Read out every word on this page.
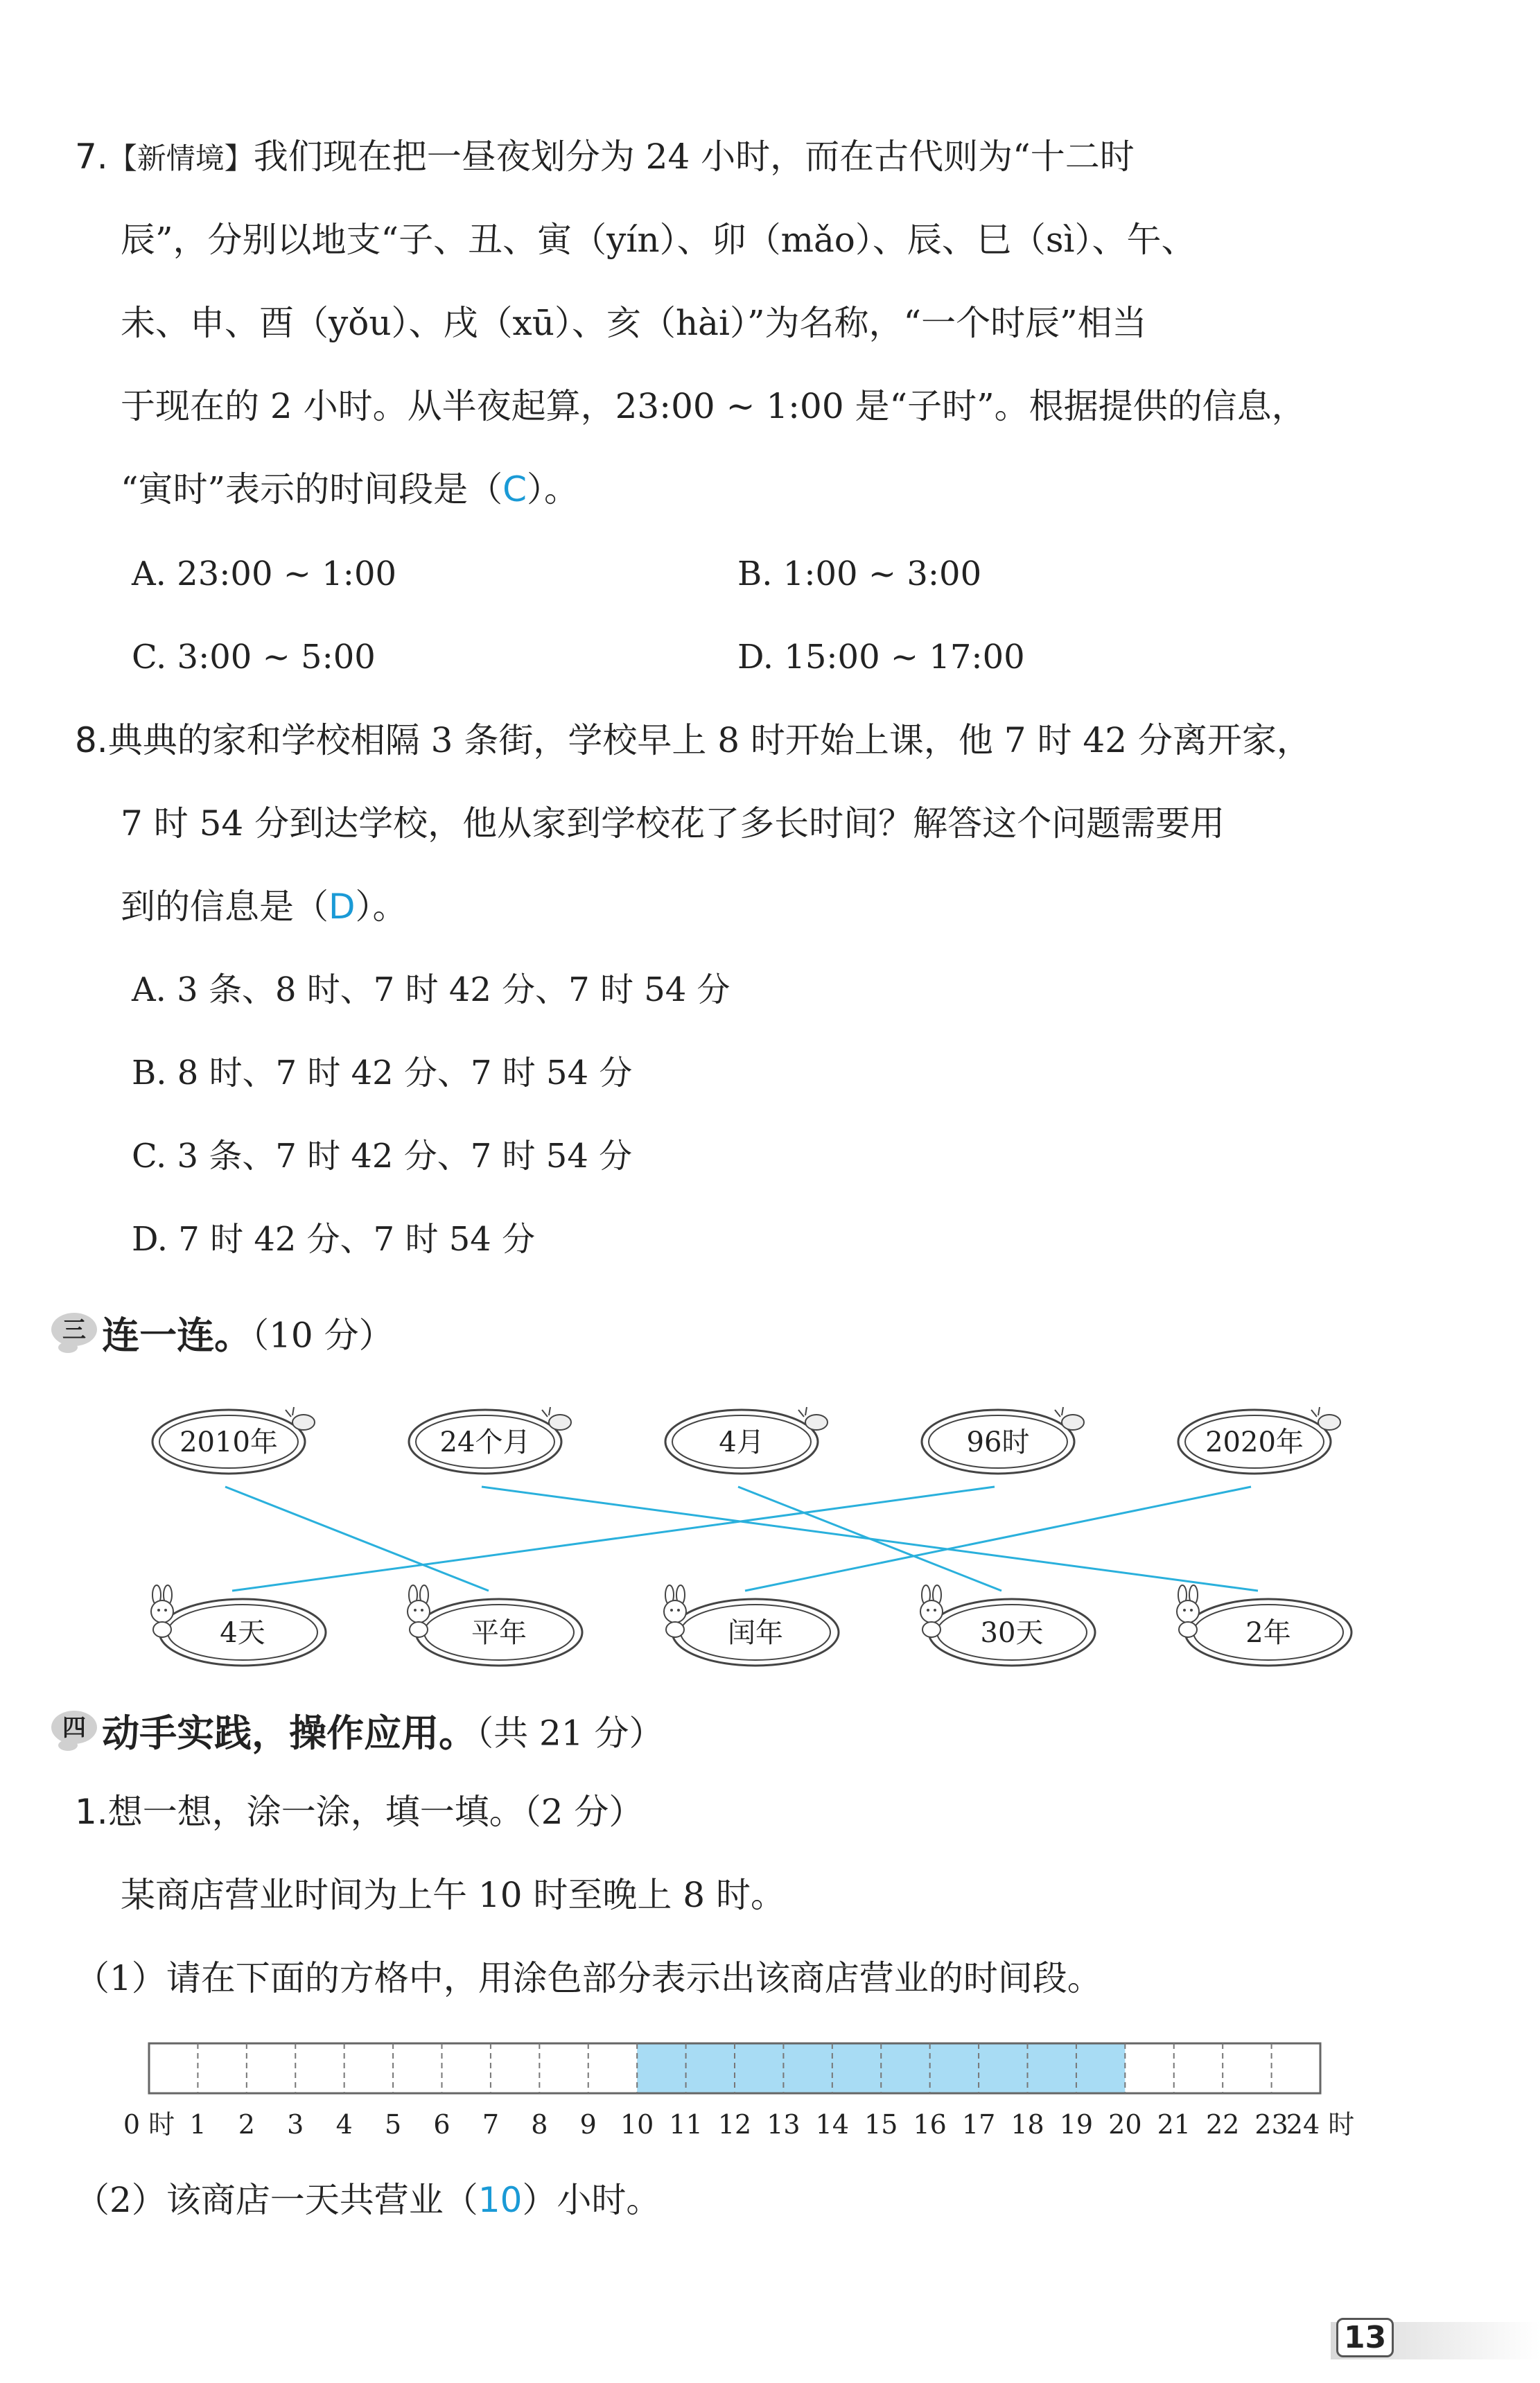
7.【新情境】我们现在把一昼夜划分为 24 小时，而在古代则为“十二时
辰”，分别以地支“子、丑、寅（yín）、卯（mǎo）、辰、巳（sì）、午、
未、申、酉（yǒu）、戌（xū）、亥（hài）”为名称，“一个时辰”相当
于现在的 2 小时。从半夜起算，23:00 ~ 1:00 是“子时”。根据提供的信息，
“寅时”表示的时间段是（C）。
A. 23:00 ~ 1:00	B. 1:00 ~ 3:00
C. 3:00 ~ 5:00	D. 15:00 ~ 17:00
8.典典的家和学校相隔 3 条街，学校早上 8 时开始上课，他 7 时 42 分离开家，
7 时 54 分到达学校，他从家到学校花了多长时间？解答这个问题需要用
到的信息是（D）。
A. 3 条、8 时、7 时 42 分、7 时 54 分
B. 8 时、7 时 42 分、7 时 54 分
C. 3 条、7 时 42 分、7 时 54 分
D. 7 时 42 分、7 时 54 分
三 连一连。（10 分）
2010年	24个月	4月	96时	2020年
4天	平年	闰年	30天	2年
四 动手实践，操作应用。（共 21 分）
1.想一想，涂一涂，填一填。（2 分）
某商店营业时间为上午 10 时至晚上 8 时。
（1）请在下面的方格中，用涂色部分表示出该商店营业的时间段。
0 时 1 2 3 4 5 6 7 8 9 10 11 12 13 14 15 16 17 18 19 20 21 22 23
24 时
（2）该商店一天共营业（10）小时。
13
